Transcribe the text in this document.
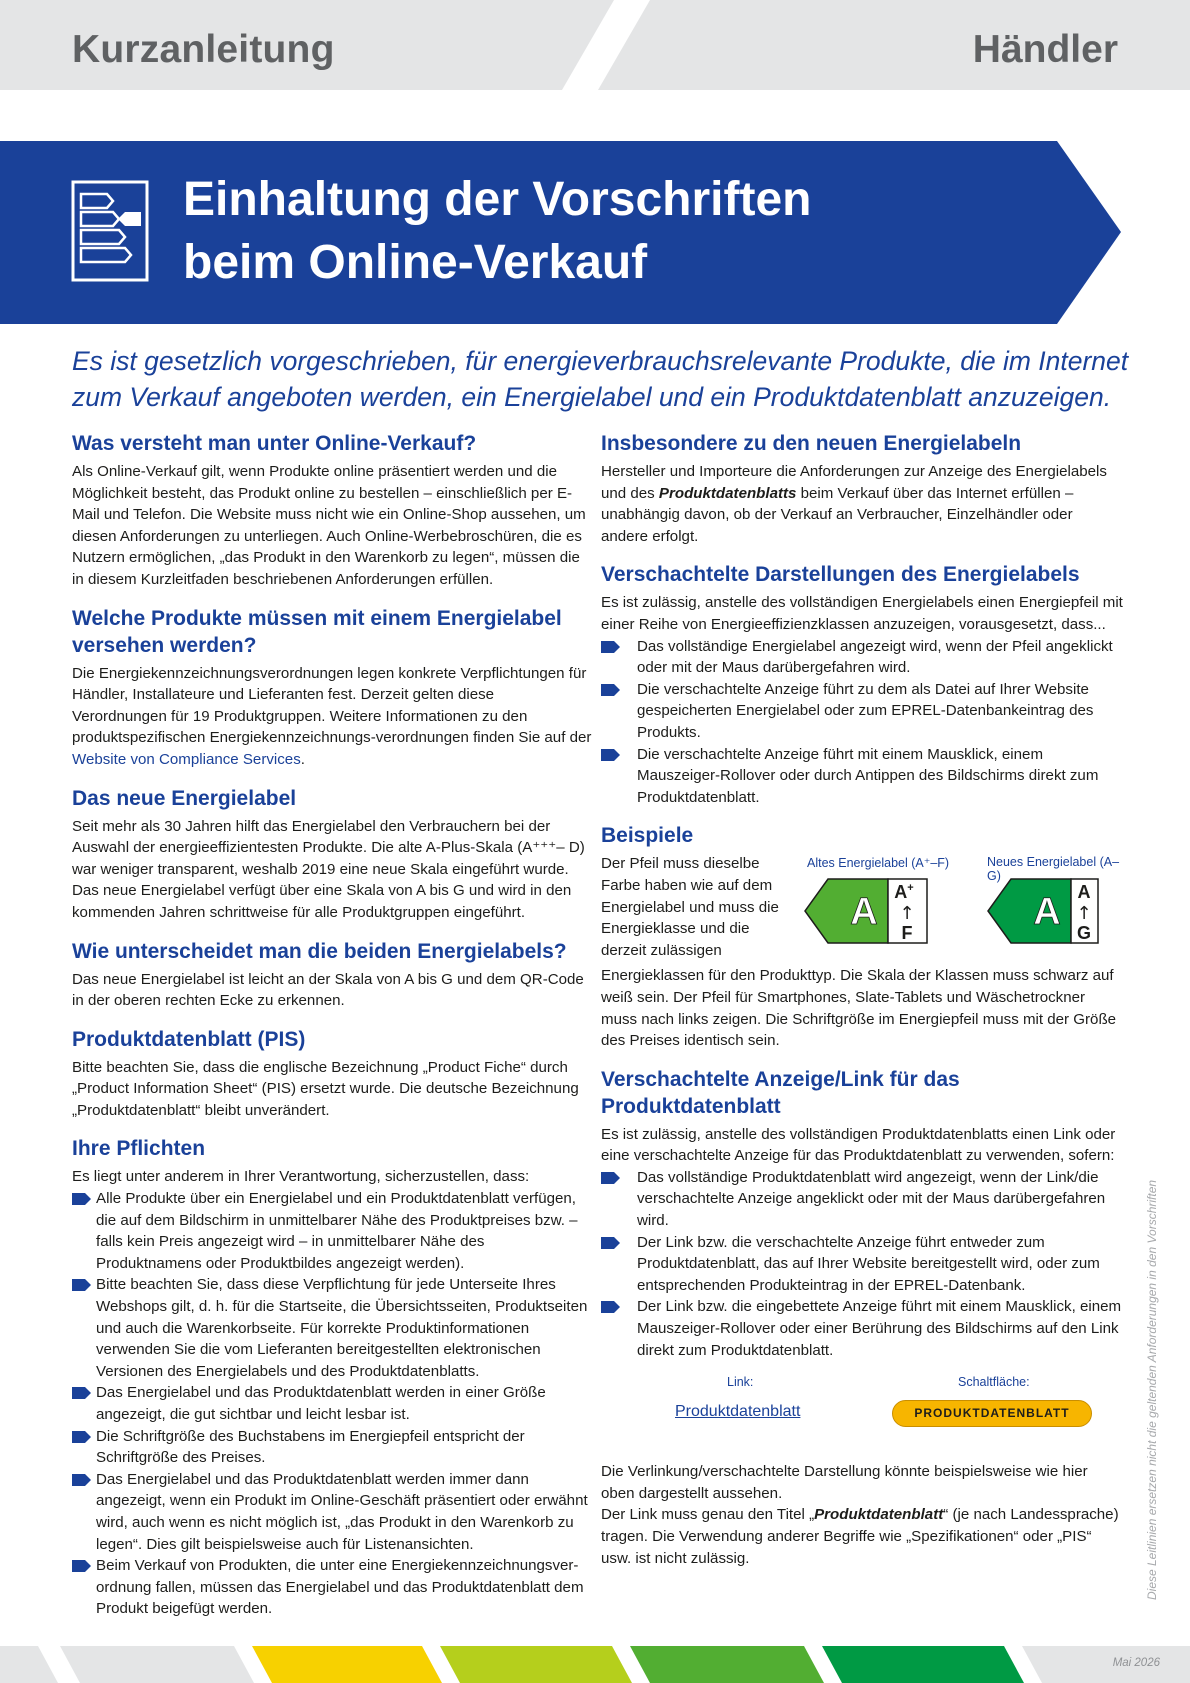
Kurzanleitung	Händler
Einhaltung der Vorschriften
beim Online-Verkauf
Es ist gesetzlich vorgeschrieben, für energieverbrauchsrelevante Produkte, die im Internet zum Verkauf angeboten werden, ein Energielabel und ein Produktdatenblatt anzuzeigen.
Was versteht man unter Online-Verkauf?

Als Online-Verkauf gilt, wenn Produkte online präsentiert werden und die Möglichkeit besteht, das Produkt online zu bestellen – einschließlich per E-Mail und Telefon. Die Website muss nicht wie ein Online-Shop aussehen, um diesen Anforderungen zu unterliegen. Auch Online-Werbebroschüren, die es Nutzern ermöglichen, „das Produkt in den Warenkorb zu legen“, müssen die in diesem Kurzleitfaden beschriebenen Anforderungen erfüllen.

Welche Produkte müssen mit einem Energielabel versehen werden?

Die Energiekennzeichnungsverordnungen legen konkrete Verpflichtungen für Händler, Installateure und Lieferanten fest. Derzeit gelten diese Verordnungen für 19 Produktgruppen. Weitere Informationen zu den produktspezifischen Energiekennzeichnungs-verordnungen finden Sie auf der Website von Compliance Services.

Das neue Energielabel

Seit mehr als 30 Jahren hilft das Energielabel den Verbrauchern bei der Auswahl der energieeffizientesten Produkte. Die alte A-Plus-Skala (A⁺⁺⁺– D) war weniger transparent, weshalb 2019 eine neue Skala eingeführt wurde. Das neue Energielabel verfügt über eine Skala von A bis G und wird in den kommenden Jahren schrittweise für alle Produktgruppen eingeführt.

Wie unterscheidet man die beiden Energielabels?

Das neue Energielabel ist leicht an der Skala von A bis G und dem QR-Code in der oberen rechten Ecke zu erkennen.

Produktdatenblatt (PIS)

Bitte beachten Sie, dass die englische Bezeichnung „Product Fiche“ durch „Product Information Sheet“ (PIS) ersetzt wurde. Die deutsche Bezeichnung „Produktdatenblatt“ bleibt unverändert.

Ihre Pflichten

Es liegt unter anderem in Ihrer Verantwortung, sicherzustellen, dass:

Alle Produkte über ein Energielabel und ein Produktdatenblatt verfügen, die auf dem Bildschirm in unmittelbarer Nähe des Produktpreises bzw. – falls kein Preis angezeigt wird – in unmittelbarer Nähe des Produktnamens oder Produktbildes angezeigt werden).
Bitte beachten Sie, dass diese Verpflichtung für jede Unterseite Ihres Webshops gilt, d. h. für die Startseite, die Übersichtsseiten, Produktseiten und auch die Warenkorbseite. Für korrekte Produktinformationen verwenden Sie die vom Lieferanten bereitgestellten elektronischen Versionen des Energielabels und des Produktdatenblatts.
Das Energielabel und das Produktdatenblatt werden in einer Größe angezeigt, die gut sichtbar und leicht lesbar ist.
Die Schriftgröße des Buchstabens im Energiepfeil entspricht der Schriftgröße des Preises.
Das Energielabel und das Produktdatenblatt werden immer dann angezeigt, wenn ein Produkt im Online-Geschäft präsentiert oder erwähnt wird, auch wenn es nicht möglich ist, „das Produkt in den Warenkorb zu legen“. Dies gilt beispielsweise auch für Listenansichten.
Beim Verkauf von Produkten, die unter eine Energiekennzeichnungsver-ordnung fallen, müssen das Energielabel und das Produktdatenblatt dem Produkt beigefügt werden.
Insbesondere zu den neuen Energielabeln

Hersteller und Importeure die Anforderungen zur Anzeige des Energielabels und des Produktdatenblatts beim Verkauf über das Internet erfüllen – unabhängig davon, ob der Verkauf an Verbraucher, Einzelhändler oder andere erfolgt.

Verschachtelte Darstellungen des Energielabels

Es ist zulässig, anstelle des vollständigen Energielabels einen Energiepfeil mit einer Reihe von Energieeffizienzklassen anzuzeigen, vorausgesetzt, dass...

Das vollständige Energielabel angezeigt wird, wenn der Pfeil angeklickt oder mit der Maus darübergefahren wird.
Die verschachtelte Anzeige führt zu dem als Datei auf Ihrer Website gespeicherten Energielabel oder zum EPREL-Datenbankeintrag des Produkts.
Die verschachtelte Anzeige führt mit einem Mausklick, einem Mauszeiger-Rollover oder durch Antippen des Bildschirms direkt zum Produktdatenblatt.
Beispiele

Der Pfeil muss dieselbe Farbe haben wie auf dem Energielabel und muss die Energieklasse und die derzeit zulässigen

Altes Energielabel (A⁺–F)	Neues Energielabel (A–G)
A A+
↑
F	A A
↑
G

Energieklassen für den Produkttyp. Die Skala der Klassen muss schwarz auf weiß sein. Der Pfeil für Smartphones, Slate-Tablets und Wäschetrockner muss nach links zeigen. Die Schriftgröße im Energiepfeil muss mit der Größe des Preises identisch sein.

Verschachtelte Anzeige/Link für das Produktdatenblatt

Es ist zulässig, anstelle des vollständigen Produktdatenblatts einen Link oder eine verschachtelte Anzeige für das Produktdatenblatt zu verwenden, sofern:

Das vollständige Produktdatenblatt wird angezeigt, wenn der Link/die verschachtelte Anzeige angeklickt oder mit der Maus darübergefahren wird.
Der Link bzw. die verschachtelte Anzeige führt entweder zum Produktdatenblatt, das auf Ihrer Website bereitgestellt wird, oder zum entsprechenden Produkteintrag in der EPREL-Datenbank.
Der Link bzw. die eingebettete Anzeige führt mit einem Mausklick, einem Mauszeiger-Rollover oder einer Berührung des Bildschirms auf den Link direkt zum Produktdatenblatt.
Link:	Schaltfläche:
Produktdatenblatt	PRODUKTDATENBLATT

Die Verlinkung/verschachtelte Darstellung könnte beispielsweise wie hier oben dargestellt aussehen.

Der Link muss genau den Titel „Produktdatenblatt“ (je nach Landessprache) tragen. Die Verwendung anderer Begriffe wie „Spezifikationen“ oder „PIS“ usw. ist nicht zulässig.	Diese Leitlinien ersetzen nicht die geltenden Anforderungen in den Vorschriften
Mai 2026
